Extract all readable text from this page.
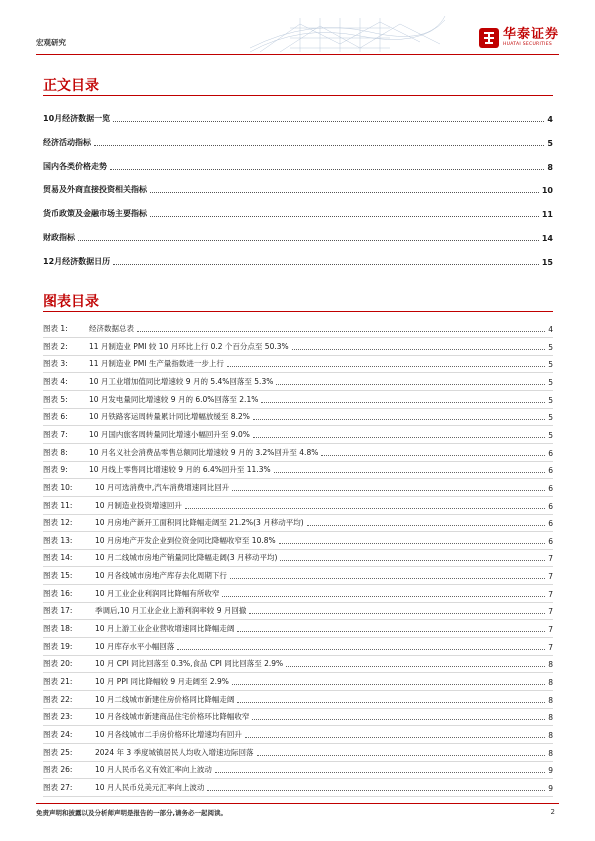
宏观研究
华泰证券
HUATAI SECURITIES
正文目录
10月经济数据一览	4
经济活动指标	5
国内各类价格走势	8
贸易及外商直接投资相关指标	10
货币政策及金融市场主要指标	11
财政指标	14
12月经济数据日历	15
图表目录
图表 1:	经济数据总表	4
图表 2:	11 月制造业 PMI 较 10 月环比上行 0.2 个百分点至 50.3%	5
图表 3:	11 月制造业 PMI 生产量指数进一步上行	5
图表 4:	10 月工业增加值同比增速较 9 月的 5.4%回落至 5.3%	5
图表 5:	10 月发电量同比增速较 9 月的 6.0%回落至 2.1%	5
图表 6:	10 月铁路客运周转量累计同比增幅放缓至 8.2%	5
图表 7:	10 月国内旅客周转量同比增速小幅回升至 9.0%	5
图表 8:	10 月名义社会消费品零售总额同比增速较 9 月的 3.2%回升至 4.8%	6
图表 9:	10 月线上零售同比增速较 9 月的 6.4%回升至 11.3%	6
图表 10:	10 月可选消费中,汽车消费增速同比回升	6
图表 11:	10 月制造业投资增速回升	6
图表 12:	10 月房地产新开工面积同比降幅走阔至 21.2%(3 月移动平均)	6
图表 13:	10 月房地产开发企业到位资金同比降幅收窄至 10.8%	6
图表 14:	10 月二线城市房地产销量同比降幅走阔(3 月移动平均)	7
图表 15:	10 月各线城市房地产库存去化周期下行	7
图表 16:	10 月工业企业利润同比降幅有所收窄	7
图表 17:	季调后,10 月工业企业上游利润率较 9 月回撤	7
图表 18:	10 月上游工业企业营收增速同比降幅走阔	7
图表 19:	10 月库存水平小幅回落	7
图表 20:	10 月 CPI 同比回落至 0.3%,食品 CPI 同比回落至 2.9%	8
图表 21:	10 月 PPI 同比降幅较 9 月走阔至 2.9%	8
图表 22:	10 月二线城市新建住房价格同比降幅走阔	8
图表 23:	10 月各线城市新建商品住宅价格环比降幅收窄	8
图表 24:	10 月各线城市二手房价格环比增速均有回升	8
图表 25:	2024 年 3 季度城镇居民人均收入增速边际回落	8
图表 26:	10 月人民币名义有效汇率向上波动	9
图表 27:	10 月人民币兑美元汇率向上波动	9
免责声明和披露以及分析师声明是报告的一部分,请务必一起阅读。	2
